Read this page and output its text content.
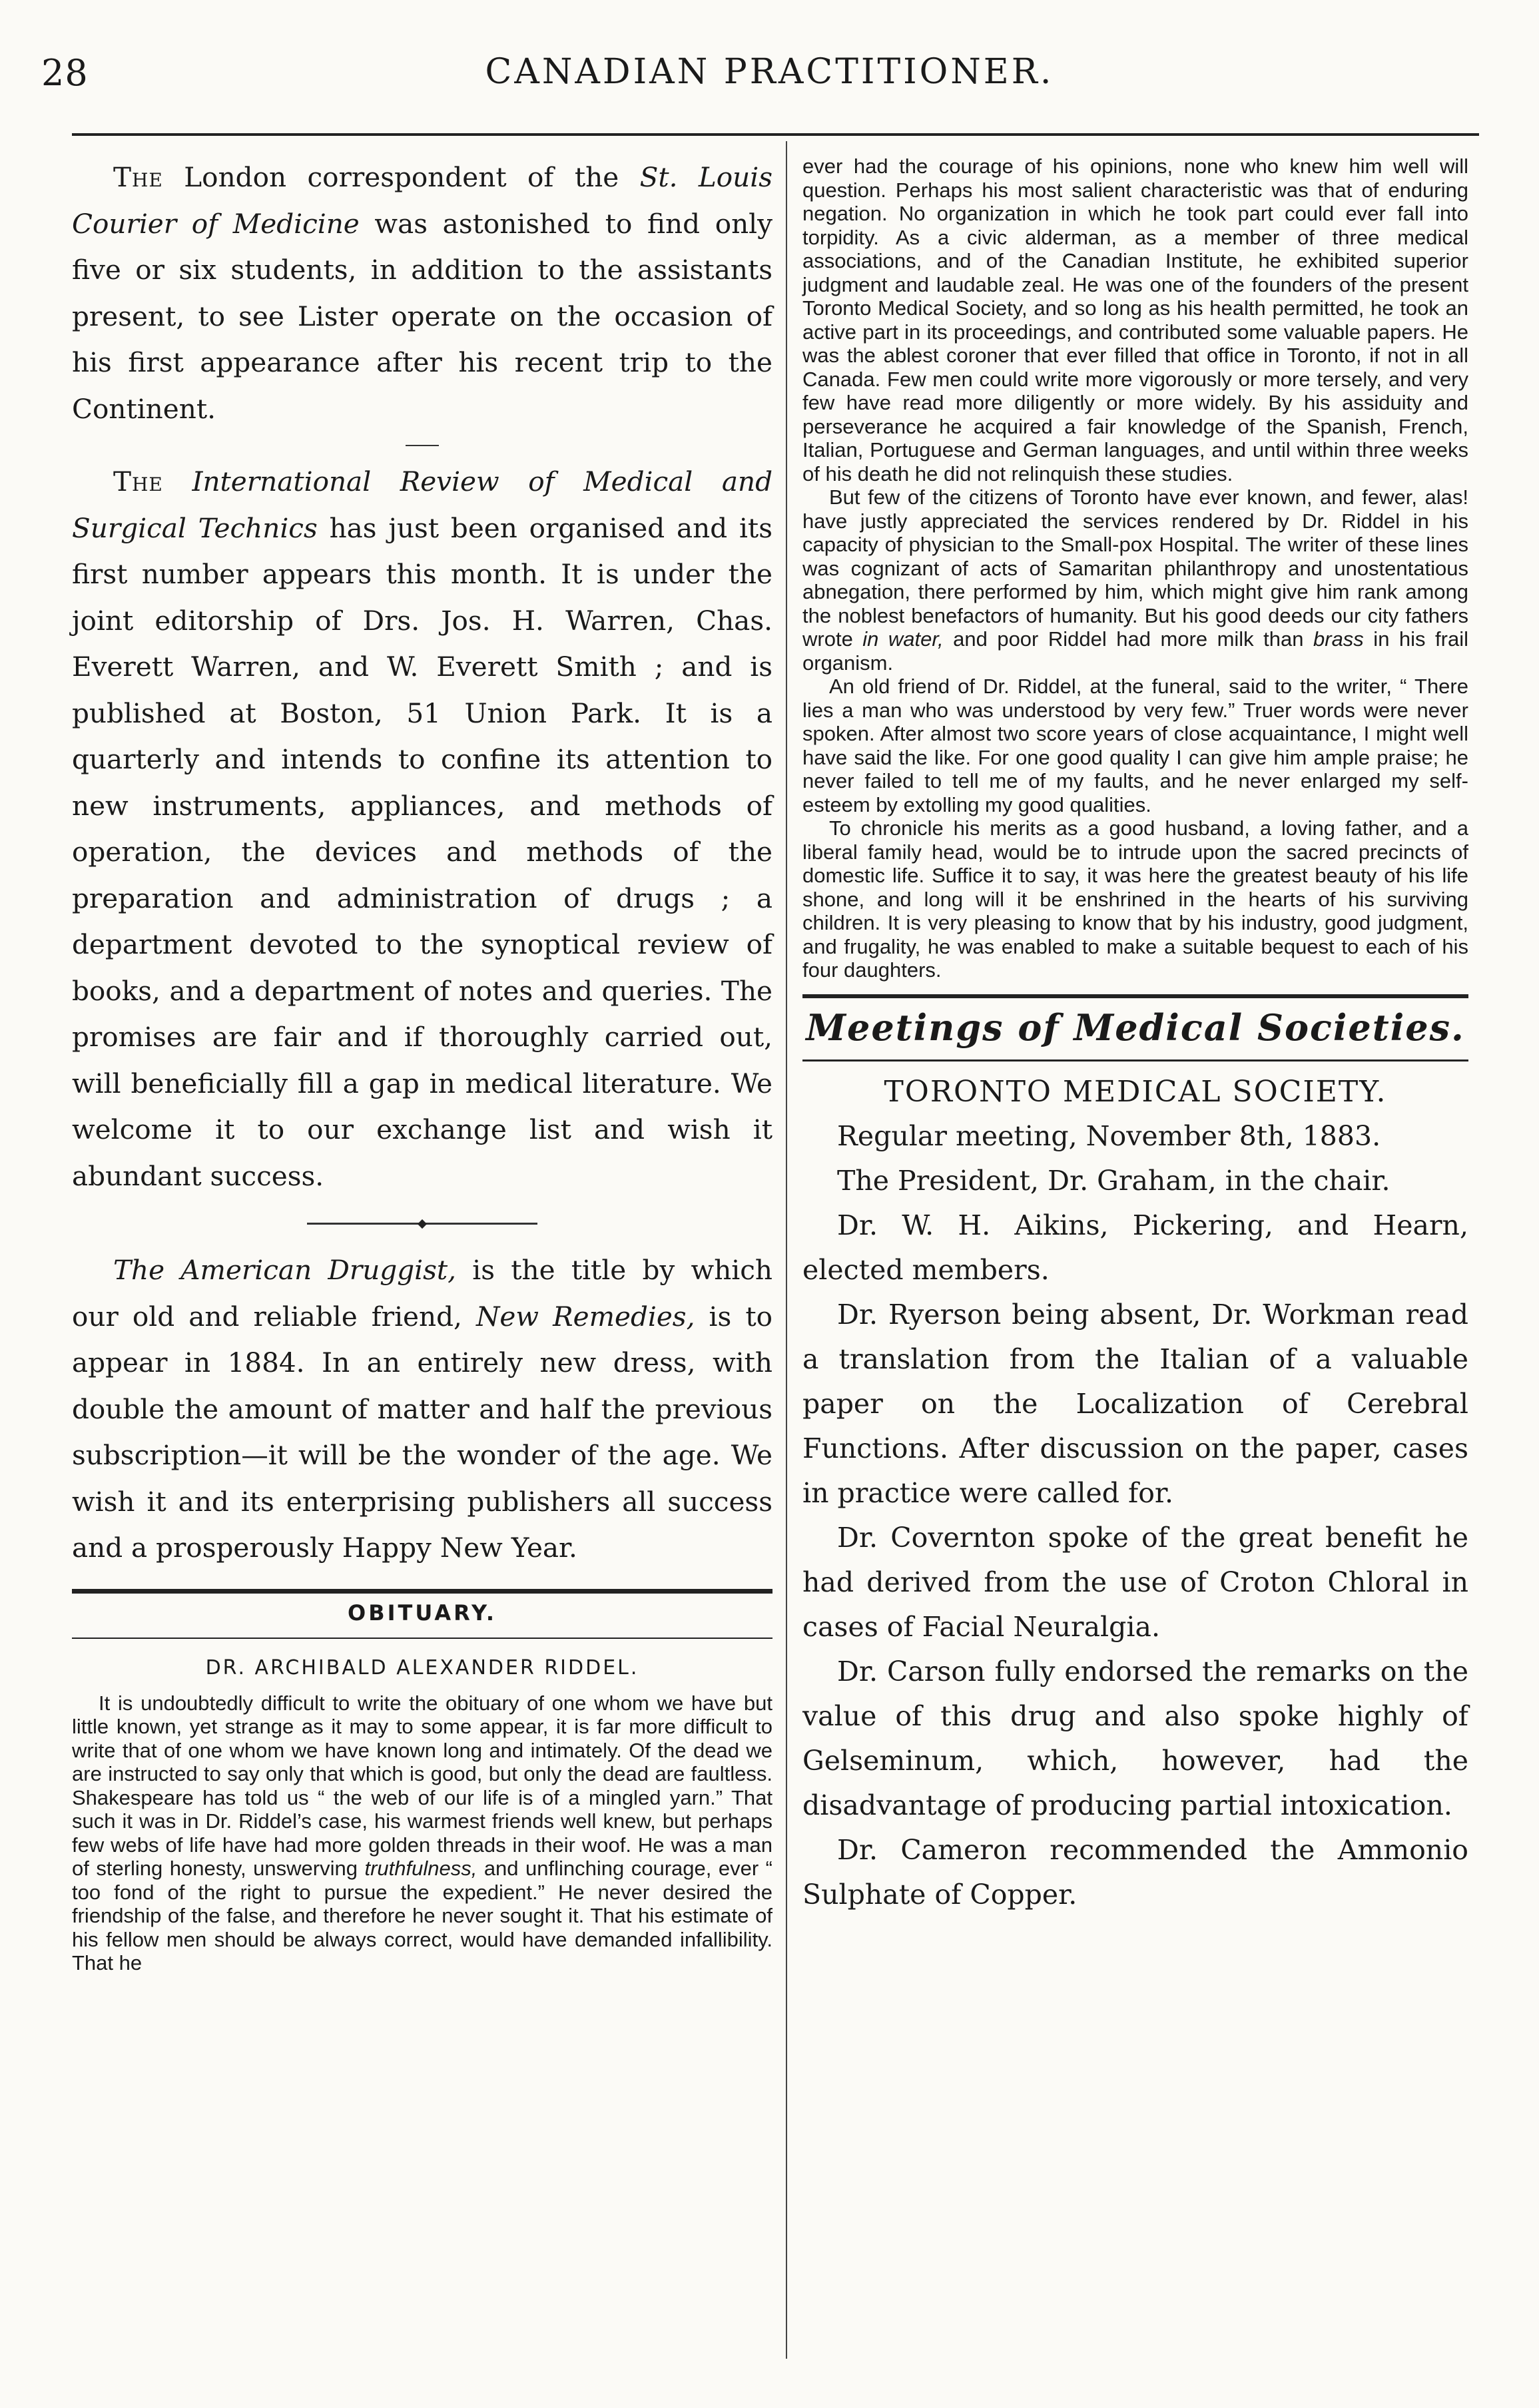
28	CANADIAN PRACTITIONER.

The London correspondent of the St. Louis Courier of Medicine was astonished to find only five or six students, in addition to the assistants present, to see Lister operate on the occasion of his first appearance after his recent trip to the Continent.

The International Review of Medical and Surgical Technics has just been organised and its first number appears this month. It is under the joint editorship of Drs. Jos. H. Warren, Chas. Everett Warren, and W. Everett Smith ; and is published at Boston, 51 Union Park. It is a quarterly and intends to confine its attention to new instruments, appliances, and methods of operation, the devices and methods of the preparation and administration of drugs ; a department devoted to the synoptical review of books, and a department of notes and queries. The promises are fair and if thoroughly carried out, will beneficially fill a gap in medical literature. We welcome it to our exchange list and wish it abundant success.

The American Druggist, is the title by which our old and reliable friend, New Remedies, is to appear in 1884. In an entirely new dress, with double the amount of matter and half the previous subscription—it will be the wonder of the age. We wish it and its enterprising publishers all success and a prosperously Happy New Year.

OBITUARY.
DR. ARCHIBALD ALEXANDER RIDDEL.

It is undoubtedly difficult to write the obituary of one whom we have but little known, yet strange as it may to some appear, it is far more difficult to write that of one whom we have known long and intimately. Of the dead we are instructed to say only that which is good, but only the dead are faultless. Shakespeare has told us “ the web of our life is of a mingled yarn.” That such it was in Dr. Riddel’s case, his warmest friends well knew, but perhaps few webs of life have had more golden threads in their woof. He was a man of sterling honesty, unswerving truthfulness, and unflinching courage, ever “ too fond of the right to pursue the expedient.” He never desired the friendship of the false, and therefore he never sought it. That his estimate of his fellow men should be always correct, would have demanded infallibility. That he

ever had the courage of his opinions, none who knew him well will question. Perhaps his most salient characteristic was that of enduring negation. No organization in which he took part could ever fall into torpidity. As a civic alderman, as a member of three medical associations, and of the Canadian Institute, he exhibited superior judgment and laudable zeal. He was one of the founders of the present Toronto Medical Society, and so long as his health permitted, he took an active part in its proceedings, and contributed some valuable papers. He was the ablest coroner that ever filled that office in Toronto, if not in all Canada. Few men could write more vigorously or more tersely, and very few have read more diligently or more widely. By his assiduity and perseverance he acquired a fair knowledge of the Spanish, French, Italian, Portuguese and German languages, and until within three weeks of his death he did not relinquish these studies.

But few of the citizens of Toronto have ever known, and fewer, alas! have justly appreciated the services rendered by Dr. Riddel in his capacity of physician to the Small-pox Hospital. The writer of these lines was cognizant of acts of Samaritan philanthropy and unostentatious abnegation, there performed by him, which might give him rank among the noblest benefactors of humanity. But his good deeds our city fathers wrote in water, and poor Riddel had more milk than brass in his frail organism.

An old friend of Dr. Riddel, at the funeral, said to the writer, “ There lies a man who was understood by very few.” Truer words were never spoken. After almost two score years of close acquaintance, I might well have said the like. For one good quality I can give him ample praise; he never failed to tell me of my faults, and he never enlarged my self-esteem by extolling my good qualities.

To chronicle his merits as a good husband, a loving father, and a liberal family head, would be to intrude upon the sacred precincts of domestic life. Suffice it to say, it was here the greatest beauty of his life shone, and long will it be enshrined in the hearts of his surviving children. It is very pleasing to know that by his industry, good judgment, and frugality, he was enabled to make a suitable bequest to each of his four daughters.

Meetings of Medical Societies.
TORONTO MEDICAL SOCIETY.

Regular meeting, November 8th, 1883.

The President, Dr. Graham, in the chair.

Dr. W. H. Aikins, Pickering, and Hearn, elected members.

Dr. Ryerson being absent, Dr. Workman read a translation from the Italian of a valuable paper on the Localization of Cerebral Functions. After discussion on the paper, cases in practice were called for.

Dr. Covernton spoke of the great benefit he had derived from the use of Croton Chloral in cases of Facial Neuralgia.

Dr. Carson fully endorsed the remarks on the value of this drug and also spoke highly of Gelseminum, which, however, had the disadvantage of producing partial intoxication.

Dr. Cameron recommended the Ammonio Sulphate of Copper.
